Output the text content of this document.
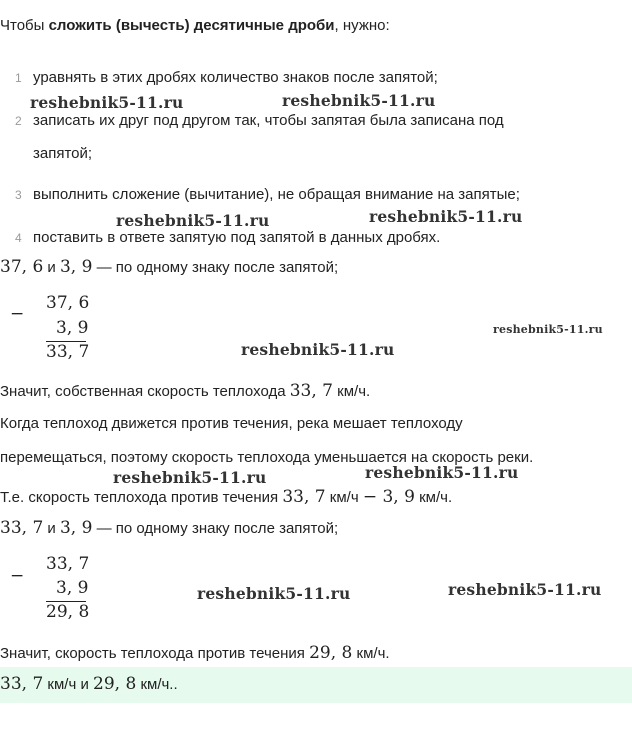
Чтобы сложить (вычесть) десятичные дроби, нужно:
1 уравнять в этих дробях количество знаков после запятой;
2 записать их друг под другом так, чтобы запятая была записана под
запятой;
3 выполнить сложение (вычитание), не обращая внимание на запятые;
4 поставить в ответе запятую под запятой в данных дробях.
37, 6 и 3, 9 — по одному знаку после запятой;
−
37, 6
3, 9
33, 7
Значит, собственная скорость теплохода 33, 7 км/ч.
Когда теплоход движется против течения, река мешает теплоходу
перемещаться, поэтому скорость теплохода уменьшается на скорость реки.
Т.е. скорость теплохода против течения 33, 7 км/ч − 3, 9 км/ч.
33, 7 и 3, 9 — по одному знаку после запятой;
−
33, 7
3, 9
29, 8
Значит, скорость теплохода против течения 29, 8 км/ч.
33, 7 км/ч и 29, 8 км/ч..
reshebnik5-11.ru	reshebnik5-11.ru
reshebnik5-11.ru	reshebnik5-11.ru
reshebnik5-11.ru
reshebnik5-11.ru
reshebnik5-11.ru	reshebnik5-11.ru
reshebnik5-11.ru	reshebnik5-11.ru
